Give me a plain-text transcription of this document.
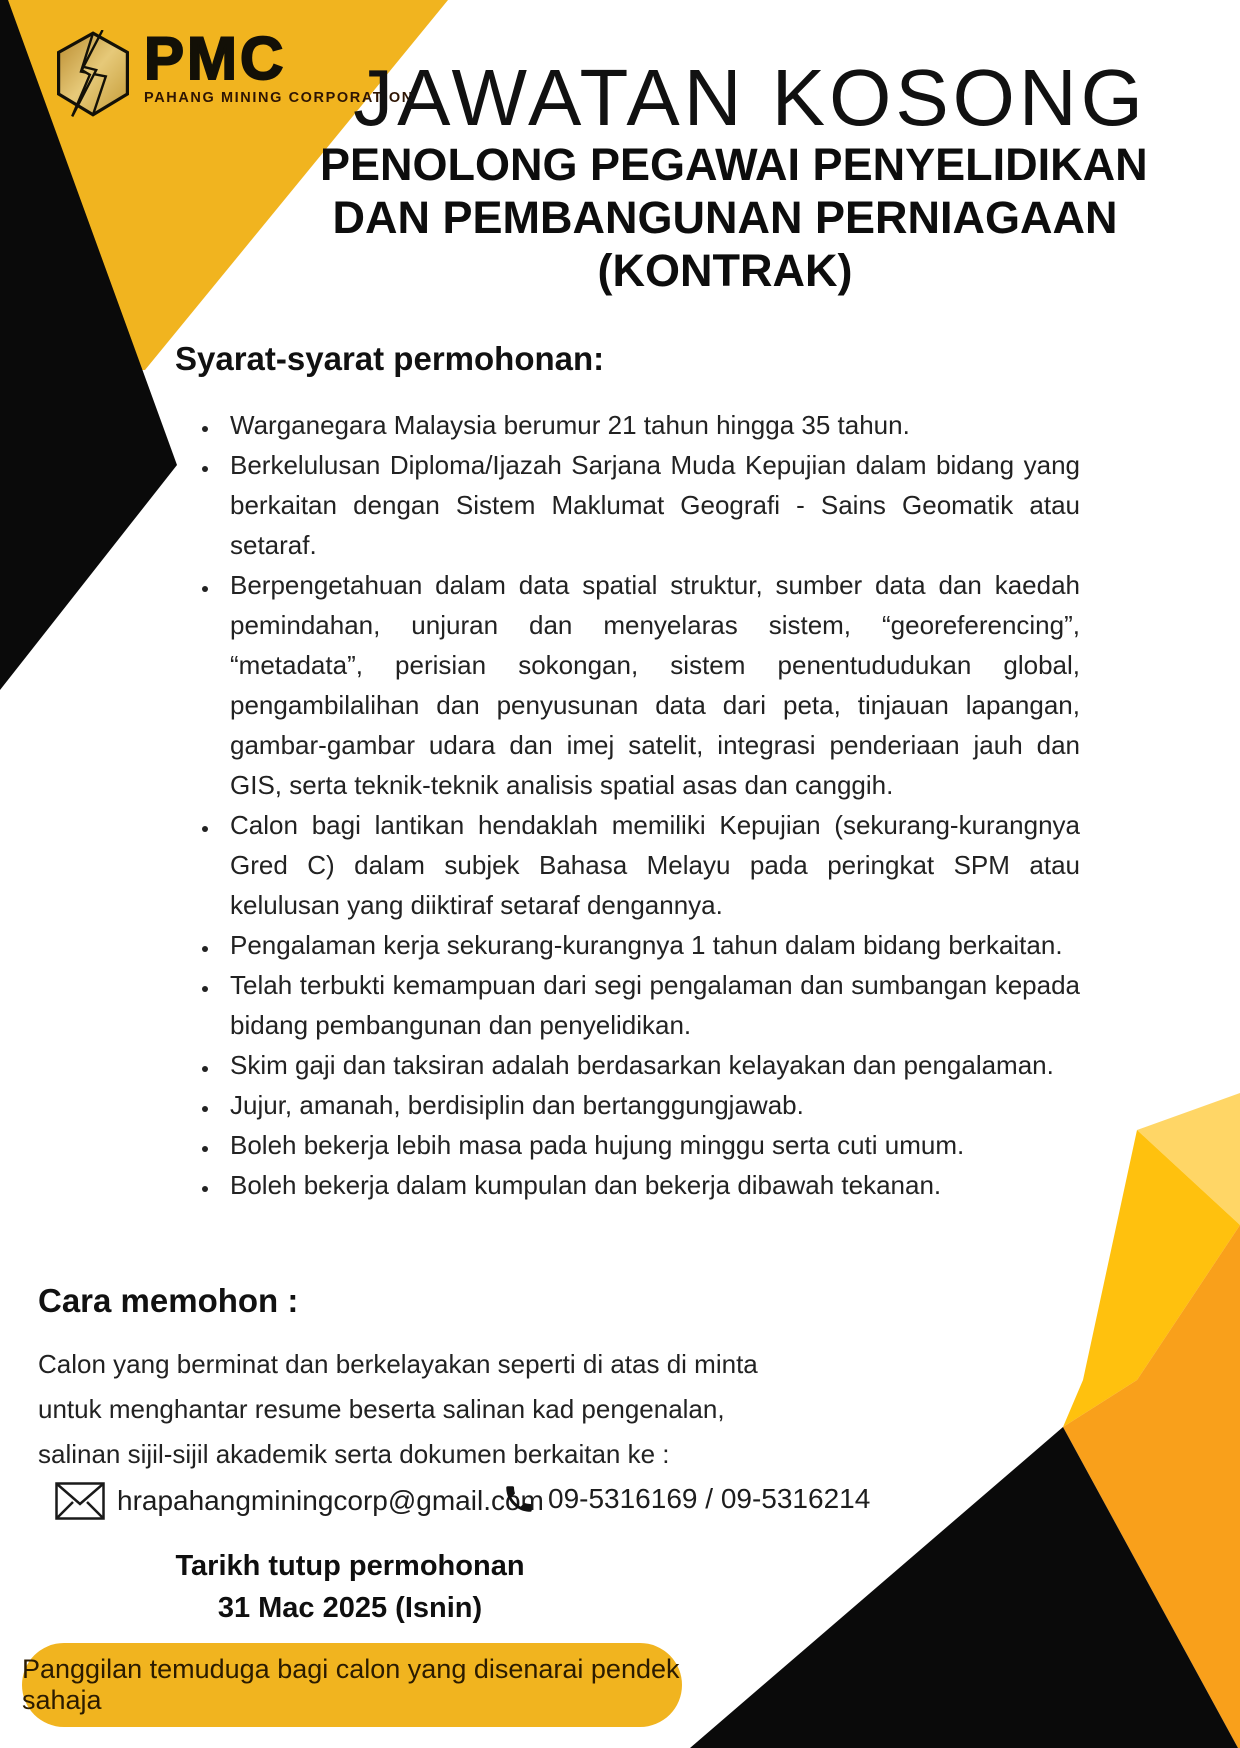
PMC
PAHANG MINING CORPORATION
JAWATAN KOSONG
PENOLONG PEGAWAI PENYELIDIKAN
DAN PEMBANGUNAN PERNIAGAAN
(KONTRAK)
Syarat-syarat permohonan:
• Warganegara Malaysia berumur 21 tahun hingga 35 tahun.
• Berkelulusan Diploma/Ijazah Sarjana Muda Kepujian dalam bidang yang berkaitan dengan Sistem Maklumat Geografi - Sains Geomatik atau setaraf.
• Berpengetahuan dalam data spatial struktur, sumber data dan kaedah pemindahan, unjuran dan menyelaras sistem, “georeferencing”, “metadata”, perisian sokongan, sistem penentududukan global, pengambilalihan dan penyusunan data dari peta, tinjauan lapangan, gambar-gambar udara dan imej satelit, integrasi penderiaan jauh dan GIS, serta teknik-teknik analisis spatial asas dan canggih.
• Calon bagi lantikan hendaklah memiliki Kepujian (sekurang-kurangnya Gred C) dalam subjek Bahasa Melayu pada peringkat SPM atau kelulusan yang diiktiraf setaraf dengannya.
• Pengalaman kerja sekurang-kurangnya 1 tahun dalam bidang berkaitan.
• Telah terbukti kemampuan dari segi pengalaman dan sumbangan kepada bidang pembangunan dan penyelidikan.
• Skim gaji dan taksiran adalah berdasarkan kelayakan dan pengalaman.
• Jujur, amanah, berdisiplin dan bertanggungjawab.
• Boleh bekerja lebih masa pada hujung minggu serta cuti umum.
• Boleh bekerja dalam kumpulan dan bekerja dibawah tekanan.
Cara memohon :
Calon yang berminat dan berkelayakan seperti di atas di minta untuk menghantar resume beserta salinan kad pengenalan, salinan sijil-sijil akademik serta dokumen berkaitan ke :
hrapahangminingcorp@gmail.com 09-5316169 / 09-5316214
Tarikh tutup permohonan
31 Mac 2025 (Isnin)
Panggilan temuduga bagi calon yang disenarai pendek sahaja
